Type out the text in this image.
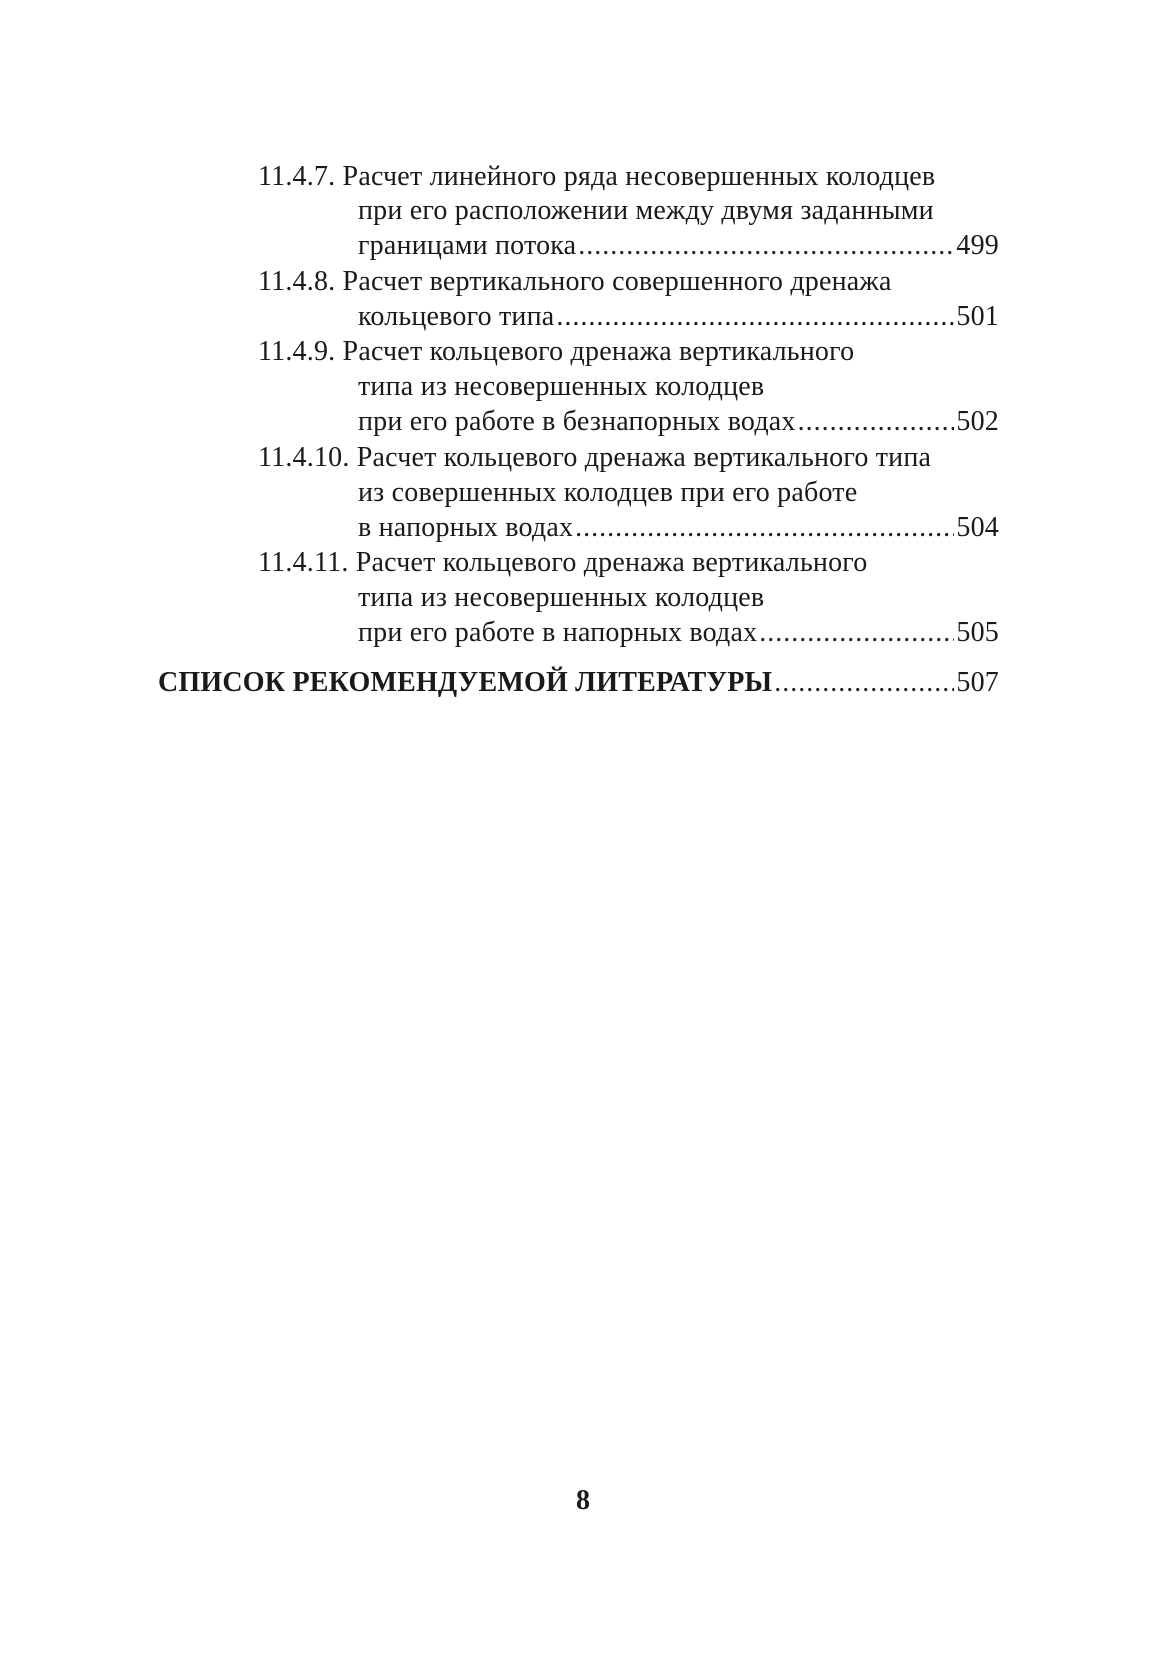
11.4.7. Расчет линейного ряда несовершенных колодцев
при его расположении между двумя заданными
границами потока .....	499
11.4.8. Расчет вертикального совершенного дренажа
кольцевого типа .....	501
11.4.9. Расчет кольцевого дренажа вертикального
типа из несовершенных колодцев
при его работе в безнапорных водах .....	502
11.4.10. Расчет кольцевого дренажа вертикального типа
из совершенных колодцев при его работе
в напорных водах .....	504
11.4.11. Расчет кольцевого дренажа вертикального
типа из несовершенных колодцев
при его работе в напорных водах .....	505
СПИСОК РЕКОМЕНДУЕМОЙ ЛИТЕРАТУРЫ .....	507
8
